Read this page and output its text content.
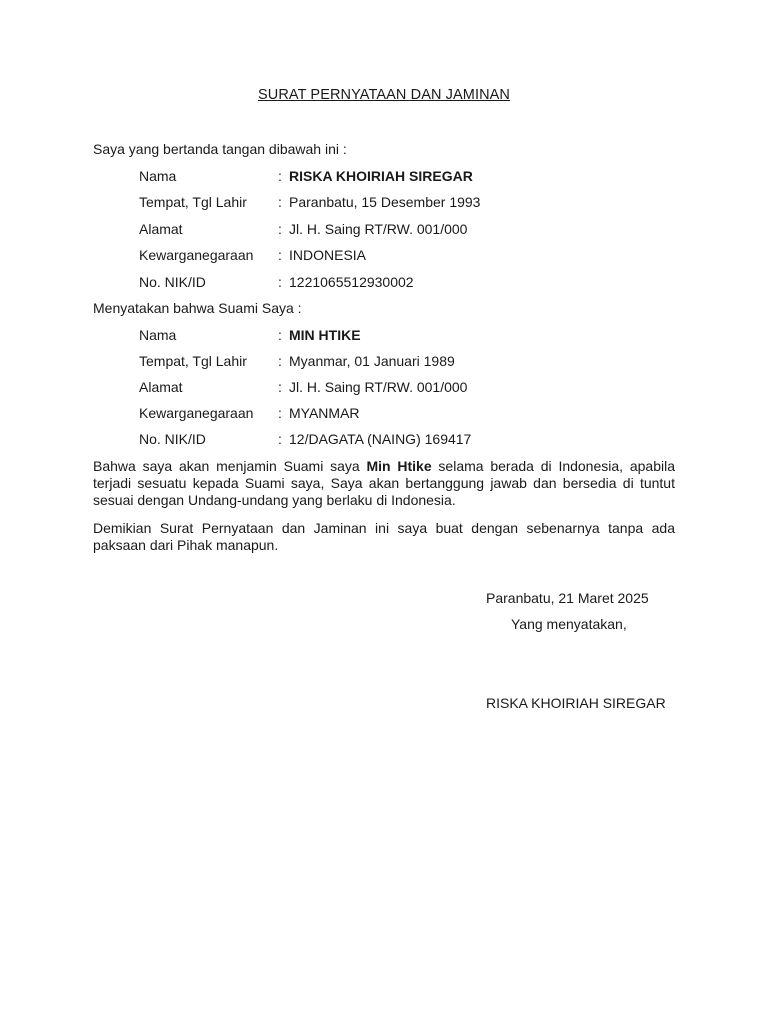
SURAT PERNYATAAN DAN JAMINAN
Saya yang bertanda tangan dibawah ini :
Nama	: RISKA KHOIRIAH SIREGAR
Tempat, Tgl Lahir : Paranbatu, 15 Desember 1993
Alamat	: Jl. H. Saing RT/RW. 001/000
Kewarganegaraan : INDONESIA
No. NIK/ID	: 1221065512930002
Menyatakan bahwa Suami Saya :
Nama	: MIN HTIKE
Tempat, Tgl Lahir : Myanmar, 01 Januari 1989
Alamat	: Jl. H. Saing RT/RW. 001/000
Kewarganegaraan : MYANMAR
No. NIK/ID	: 12/DAGATA (NAING) 169417
Bahwa saya akan menjamin Suami saya Min Htike selama berada di Indonesia, apabila terjadi sesuatu kepada Suami saya, Saya akan bertanggung jawab dan bersedia di tuntut sesuai dengan Undang-undang yang berlaku di Indonesia.
Demikian Surat Pernyataan dan Jaminan ini saya buat dengan sebenarnya tanpa ada paksaan dari Pihak manapun.
Paranbatu, 21 Maret 2025
Yang menyatakan,
RISKA KHOIRIAH SIREGAR
